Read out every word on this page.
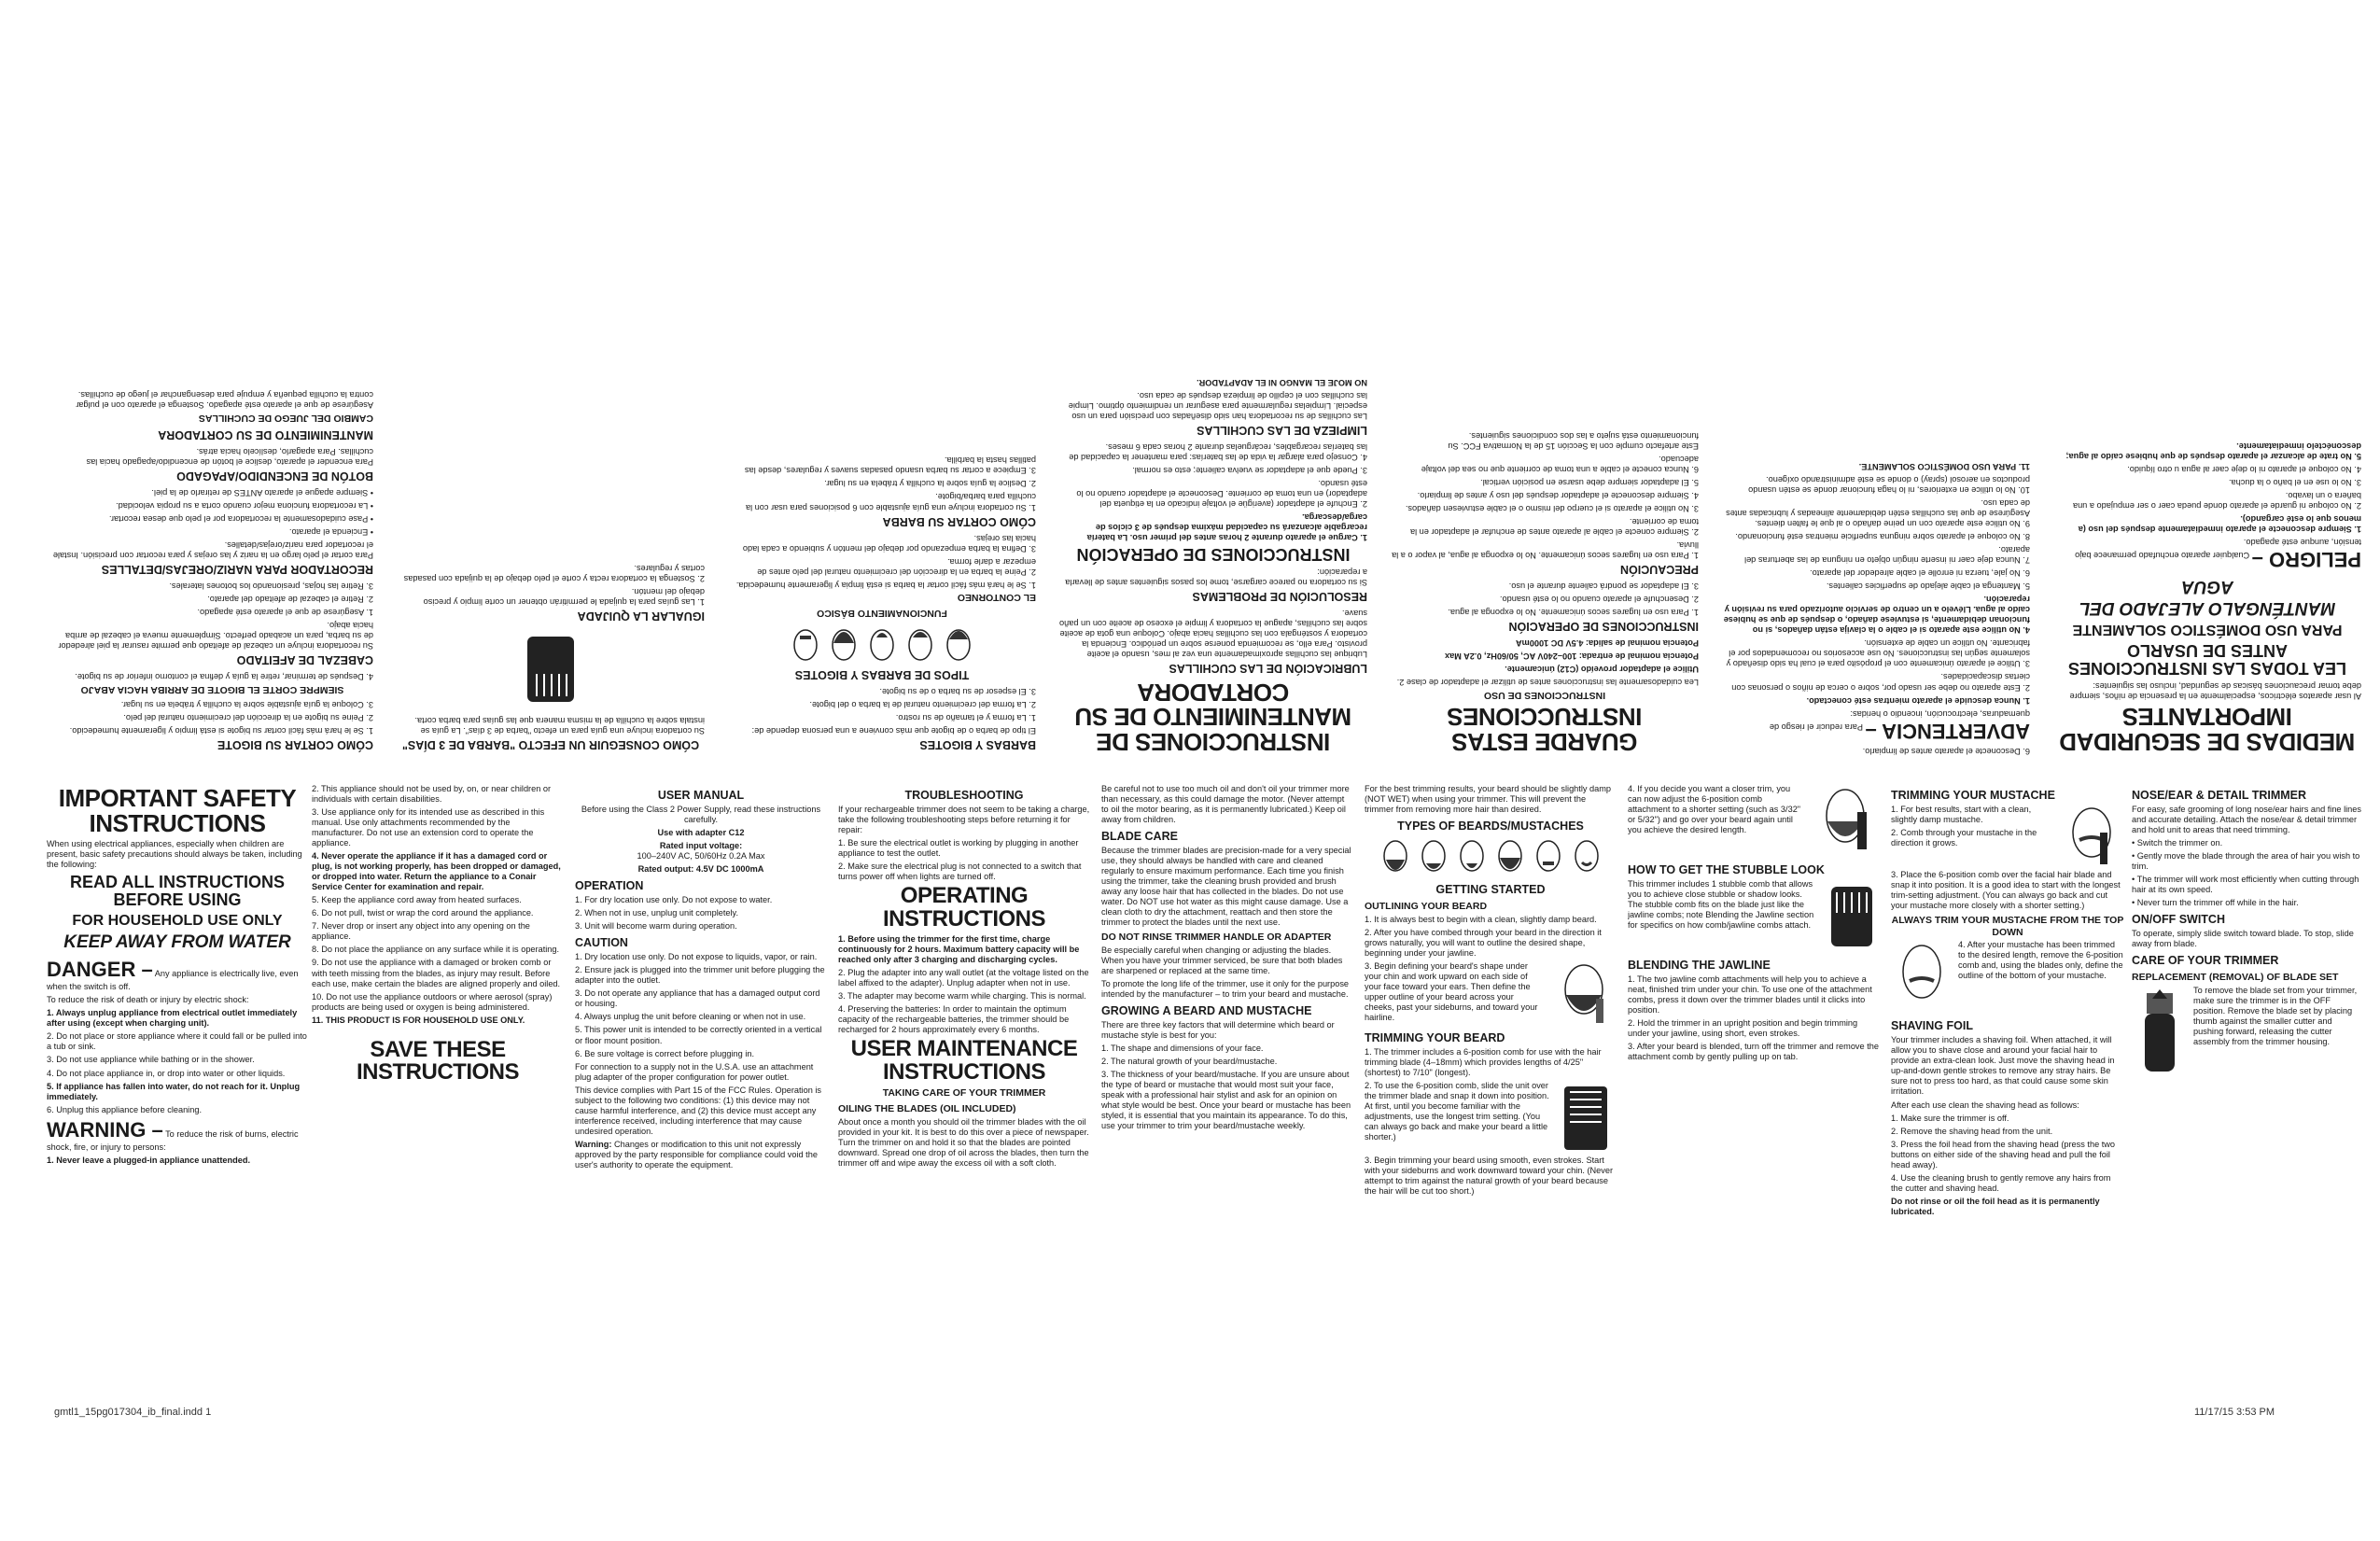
MEDIDAS DE SEGURIDAD IMPORTANTES

Al usar aparatos eléctricos, especialmente en la presencia de niños, siempre debe tomar precauciones básicas de seguridad, incluso las siguientes:

LEA TODAS LAS INSTRUCCIONES ANTES DE USARLO
PARA USO DOMÉSTICO SOLAMENTE
MANTÉNGALO ALEJADO DEL AGUA

PELIGRO – Cualquier aparato enchufado permanece bajo tensión, aunque esté apagado.

1. Siempre desconecte el aparato inmediatamente después del uso (a menos que lo esté cargando).

2. No coloque ni guarde el aparato donde pueda caer o ser empujado a una bañera o un lavabo.

3. No lo use en el baño o la ducha.

4. No coloque el aparato ni lo deje caer al agua u otro líquido.

5. No trate de alcanzar el aparato después de que hubiese caído al agua; desconéctelo inmediatamente.

6. Desconecte el aparato antes de limpiarlo.

ADVERTENCIA – Para reducir el riesgo de quemaduras, electrocución, incendio o heridas:

1. Nunca descuide el aparato mientras esté conectado.

2. Este aparato no debe ser usado por, sobre o cerca de niños o personas con ciertas discapacidades.

3. Utilice el aparato únicamente con el propósito para el cual ha sido diseñado y solamente según las instrucciones. No use accesorios no recomendados por el fabricante. No utilice un cable de extensión.

4. No utilice este aparato si el cable o la clavija están dañados, si no funcionan debidamente, si estuviese dañado, o después de que se hubiese caído al agua. Llévelo a un centro de servicio autorizado para su revisión y reparación.

5. Mantenga el cable alejado de superficies calientes.

6. No jale, tuerza ni enrolle el cable alrededor del aparato.

7. Nunca deje caer ni inserte ningún objeto en ninguna de las aberturas del aparato.

8. No coloque el aparato sobre ninguna superficie mientras esté funcionando.

9. No utilice este aparato con un peine dañado o al que le falten dientes. Asegúrese de que las cuchillas estén debidamente alineadas y lubricadas antes de cada uso.

10. No lo utilice en exteriores, ni lo haga funcionar donde se estén usando productos en aerosol (spray) o donde se esté administrando oxígeno.

11. PARA USO DOMÉSTICO SOLAMENTE.

GUARDE ESTAS INSTRUCCIONES
INSTRUCCIONES DE USO

Lea cuidadosamente las instrucciones antes de utilizar el adaptador de clase 2.

Utilice el adaptador proveído (C12) únicamente.

Potencia nominal de entrada: 100–240V AC, 50/60Hz, 0.2A Max

Potencia nominal de salida: 4.5V DC 1000mA

INSTRUCCIONES DE OPERACIÓN

1. Para uso en lugares secos únicamente. No lo exponga al agua.

2. Desenchufe el aparato cuando no lo esté usando.

3. El adaptador se pondrá caliente durante el uso.

PRECAUCIÓN

1. Para uso en lugares secos únicamente. No lo exponga al agua, al vapor o a la lluvia.

2. Siempre conecte el cable al aparato antes de enchufar el adaptador en la toma de corriente.

3. No utilice el aparato si el cuerpo del mismo o el cable estuviesen dañados.

4. Siempre desconecte el adaptador después del uso y antes de limpiarlo.

5. El adaptador siempre debe usarse en posición vertical.

6. Nunca conecte el cable a una toma de corriente que no sea del voltaje adecuado.

Este artefacto cumple con la Sección 15 de la Normativa FCC. Su funcionamiento está sujeto a las dos condiciones siguientes.

INSTRUCCIONES DE MANTENIMIENTO DE SU CORTADORA
LUBRICACIÓN DE LAS CUCHILLAS

Lubrique las cuchillas aproximadamente una vez al mes, usando el aceite provisto. Para ello, se recomienda ponerse sobre un periódico. Encienda la cortadora y sosténgala con las cuchillas hacia abajo. Coloque una gota de aceite sobre las cuchillas, apague la cortadora y limpie el exceso de aceite con un paño suave.

RESOLUCIÓN DE PROBLEMAS

Si su cortadora no parece cargarse, tome los pasos siguientes antes de llevarla a reparación:

INSTRUCCIONES DE OPERACIÓN

1. Cargue el aparato durante 2 horas antes del primer uso. La batería recargable alcanzará su capacidad máxima después de 3 ciclos de carga/descarga.

2. Enchufe el adaptador (averigüe el voltaje indicado en la etiqueta del adaptador) en una toma de corriente. Desconecte el adaptador cuando no lo esté usando.

3. Puede que el adaptador se vuelva caliente; esto es normal.

4. Consejo para alargar la vida de las baterías: para mantener la capacidad de las baterías recargables, recárguelas durante 2 horas cada 6 meses.

LIMPIEZA DE LAS CUCHILLAS

Las cuchillas de su recortadora han sido diseñadas con precisión para un uso especial. Límpielas regularmente para asegurar un rendimiento óptimo. Limpie las cuchillas con el cepillo de limpieza después de cada uso.

NO MOJE EL MANGO NI EL ADAPTADOR.

BARBAS Y BIGOTES

El tipo de barba o de bigote que más conviene a una persona depende de:

1. La forma y el tamaño de su rostro.

2. La forma del crecimiento natural de la barba o del bigote.

3. El espesor de su barba o de su bigote.

TIPOS DE BARBAS Y BIGOTES
FUNCIONAMIENTO BÁSICO
EL CONTORNEO

1. Se le hará más fácil cortar la barba si está limpia y ligeramente humedecida.

2. Peine la barba en la dirección del crecimiento natural del pelo antes de empezar a darle forma.

3. Defina la barba empezando por debajo del mentón y subiendo a cada lado hacia las orejas.

CÓMO CORTAR SU BARBA

1. Su cortadora incluye una guía ajustable con 6 posiciones para usar con la cuchilla para barba/bigote.

2. Deslice la guía sobre la cuchilla y trábela en su lugar.

3. Empiece a cortar su barba usando pasadas suaves y regulares, desde las patillas hasta la barbilla.

CÓMO CONSEGUIR UN EFECTO "BARBA DE 3 DÍAS"

Su cortadora incluye una guía para un efecto "barba de 3 días". La guía se instala sobre la cuchilla de la misma manera que las guías para barba corta.

IGUALAR LA QUIJADA

1. Las guías para la quijada le permitirán obtener un corte limpio y preciso debajo del mentón.

2. Sostenga la cortadora recta y corte el pelo debajo de la quijada con pasadas cortas y regulares.

CÓMO CORTAR SU BIGOTE

1. Se le hará más fácil cortar su bigote si está limpio y ligeramente humedecido.

2. Peine su bigote en la dirección del crecimiento natural del pelo.

3. Coloque la guía ajustable sobre la cuchilla y trábela en su lugar.

SIEMPRE CORTE EL BIGOTE DE ARRIBA HACIA ABAJO

4. Después de terminar, retire la guía y defina el contorno inferior de su bigote.

CABEZAL DE AFEITADO

Su recortadora incluye un cabezal de afeitado que permite rasurar la piel alrededor de su barba, para un acabado perfecto. Simplemente mueva el cabezal de arriba hacia abajo.

1. Asegúrese de que el aparato esté apagado.

2. Retire el cabezal de afeitado del aparato.

3. Retire las hojas, presionando los botones laterales.

RECORTADOR PARA NARIZ/OREJAS/DETALLES

Para cortar el pelo largo en la nariz y las orejas y para recortar con precisión. Instale el recortador para nariz/orejas/detalles.

• Encienda el aparato.

• Pase cuidadosamente la recortadora por el pelo que desea recortar.

• La recortadora funciona mejor cuando corta a su propia velocidad.

• Siempre apague el aparato ANTES de retirarlo de la piel.

BOTÓN DE ENCENDIDO/APAGADO

Para encender el aparato, deslice el botón de encendido/apagado hacia las cuchillas. Para apagarlo, deslícelo hacia atrás.

MANTENIMIENTO DE SU CORTADORA
CAMBIO DEL JUEGO DE CUCHILLAS

Asegúrese de que el aparato esté apagado. Sostenga el aparato con el pulgar contra la cuchilla pequeña y empuje para desenganchar el juego de cuchillas.

IMPORTANT SAFETY INSTRUCTIONS

When using electrical appliances, especially when children are present, basic safety precautions should always be taken, including the following:

READ ALL INSTRUCTIONS BEFORE USING
FOR HOUSEHOLD USE ONLY
KEEP AWAY FROM WATER

DANGER – Any appliance is electrically live, even when the switch is off.

To reduce the risk of death or injury by electric shock:

1. Always unplug appliance from electrical outlet immediately after using (except when charging unit).

2. Do not place or store appliance where it could fall or be pulled into a tub or sink.

3. Do not use appliance while bathing or in the shower.

4. Do not place appliance in, or drop into water or other liquids.

5. If appliance has fallen into water, do not reach for it. Unplug immediately.

6. Unplug this appliance before cleaning.

WARNING – To reduce the risk of burns, electric shock, fire, or injury to persons:

1. Never leave a plugged-in appliance unattended.

2. This appliance should not be used by, on, or near children or individuals with certain disabilities.

3. Use appliance only for its intended use as described in this manual. Use only attachments recommended by the manufacturer. Do not use an extension cord to operate the appliance.

4. Never operate the appliance if it has a damaged cord or plug, is not working properly, has been dropped or damaged, or dropped into water. Return the appliance to a Conair Service Center for examination and repair.

5. Keep the appliance cord away from heated surfaces.

6. Do not pull, twist or wrap the cord around the appliance.

7. Never drop or insert any object into any opening on the appliance.

8. Do not place the appliance on any surface while it is operating.

9. Do not use the appliance with a damaged or broken comb or with teeth missing from the blades, as injury may result. Before each use, make certain the blades are aligned properly and oiled.

10. Do not use the appliance outdoors or where aerosol (spray) products are being used or oxygen is being administered.

11. THIS PRODUCT IS FOR HOUSEHOLD USE ONLY.

SAVE THESE INSTRUCTIONS
USER MANUAL

Before using the Class 2 Power Supply, read these instructions carefully.

Use with adapter C12

Rated input voltage:

100–240V AC, 50/60Hz 0.2A Max

Rated output: 4.5V DC 1000mA

OPERATION

1. For dry location use only. Do not expose to water.

2. When not in use, unplug unit completely.

3. Unit will become warm during operation.

CAUTION

1. Dry location use only. Do not expose to liquids, vapor, or rain.

2. Ensure jack is plugged into the trimmer unit before plugging the adapter into the outlet.

3. Do not operate any appliance that has a damaged output cord or housing.

4. Always unplug the unit before cleaning or when not in use.

5. This power unit is intended to be correctly oriented in a vertical or floor mount position.

6. Be sure voltage is correct before plugging in.

For connection to a supply not in the U.S.A. use an attachment plug adapter of the proper configuration for power outlet.

This device complies with Part 15 of the FCC Rules. Operation is subject to the following two conditions: (1) this device may not cause harmful interference, and (2) this device must accept any interference received, including interference that may cause undesired operation.

Warning: Changes or modification to this unit not expressly approved by the party responsible for compliance could void the user's authority to operate the equipment.

TROUBLESHOOTING

If your rechargeable trimmer does not seem to be taking a charge, take the following troubleshooting steps before returning it for repair:

1. Be sure the electrical outlet is working by plugging in another appliance to test the outlet.

2. Make sure the electrical plug is not connected to a switch that turns power off when lights are turned off.

OPERATING INSTRUCTIONS

1. Before using the trimmer for the first time, charge continuously for 2 hours. Maximum battery capacity will be reached only after 3 charging and discharging cycles.

2. Plug the adapter into any wall outlet (at the voltage listed on the label affixed to the adapter). Unplug adapter when not in use.

3. The adapter may become warm while charging. This is normal.

4. Preserving the batteries: In order to maintain the optimum capacity of the rechargeable batteries, the trimmer should be recharged for 2 hours approximately every 6 months.

USER MAINTENANCE INSTRUCTIONS
TAKING CARE OF YOUR TRIMMER
OILING THE BLADES (OIL INCLUDED)

About once a month you should oil the trimmer blades with the oil provided in your kit. It is best to do this over a piece of newspaper. Turn the trimmer on and hold it so that the blades are pointed downward. Spread one drop of oil across the blades, then turn the trimmer off and wipe away the excess oil with a soft cloth.

Be careful not to use too much oil and don't oil your trimmer more than necessary, as this could damage the motor. (Never attempt to oil the motor bearing, as it is permanently lubricated.) Keep oil away from children.

BLADE CARE

Because the trimmer blades are precision-made for a very special use, they should always be handled with care and cleaned regularly to ensure maximum performance. Each time you finish using the trimmer, take the cleaning brush provided and brush away any loose hair that has collected in the blades. Do not use water. Do NOT use hot water as this might cause damage. Use a clean cloth to dry the attachment, reattach and then store the trimmer to protect the blades until the next use.

DO NOT RINSE TRIMMER HANDLE OR ADAPTER

Be especially careful when changing or adjusting the blades. When you have your trimmer serviced, be sure that both blades are sharpened or replaced at the same time.

To promote the long life of the trimmer, use it only for the purpose intended by the manufacturer – to trim your beard and mustache.

GROWING A BEARD AND MUSTACHE

There are three key factors that will determine which beard or mustache style is best for you:

1. The shape and dimensions of your face.

2. The natural growth of your beard/mustache.

3. The thickness of your beard/mustache. If you are unsure about the type of beard or mustache that would most suit your face, speak with a professional hair stylist and ask for an opinion on what style would be best. Once your beard or mustache has been styled, it is essential that you maintain its appearance. To do this, use your trimmer to trim your beard/mustache weekly.

For the best trimming results, your beard should be slightly damp (NOT WET) when using your trimmer. This will prevent the trimmer from removing more hair than desired.

TYPES OF BEARDS/MUSTACHES
GETTING STARTED
OUTLINING YOUR BEARD

1. It is always best to begin with a clean, slightly damp beard.

2. After you have combed through your beard in the direction it grows naturally, you will want to outline the desired shape, beginning under your jawline.

3. Begin defining your beard's shape under your chin and work upward on each side of your face toward your ears. Then define the upper outline of your beard across your cheeks, past your sideburns, and toward your hairline.

TRIMMING YOUR BEARD

1. The trimmer includes a 6-position comb for use with the hair trimming blade (4–18mm) which provides lengths of 4/25" (shortest) to 7/10" (longest).

2. To use the 6-position comb, slide the unit over the trimmer blade and snap it down into position. At first, until you become familiar with the adjustments, use the longest trim setting. (You can always go back and make your beard a little shorter.)

3. Begin trimming your beard using smooth, even strokes. Start with your sideburns and work downward toward your chin. (Never attempt to trim against the natural growth of your beard because the hair will be cut too short.)

4. If you decide you want a closer trim, you can now adjust the 6-position comb attachment to a shorter setting (such as 3/32" or 5/32") and go over your beard again until you achieve the desired length.

HOW TO GET THE STUBBLE LOOK

This trimmer includes 1 stubble comb that allows you to achieve close stubble or shadow looks. The stubble comb fits on the blade just like the jawline combs; note Blending the Jawline section for specifics on how comb/jawline combs attach.

BLENDING THE JAWLINE

1. The two jawline comb attachments will help you to achieve a neat, finished trim under your chin. To use one of the attachment combs, press it down over the trimmer blades until it clicks into position.

2. Hold the trimmer in an upright position and begin trimming under your jawline, using short, even strokes.

3. After your beard is blended, turn off the trimmer and remove the attachment comb by gently pulling up on tab.

TRIMMING YOUR MUSTACHE

1. For best results, start with a clean, slightly damp mustache.

2. Comb through your mustache in the direction it grows.

3. Place the 6-position comb over the facial hair blade and snap it into position. It is a good idea to start with the longest trim-setting adjustment. (You can always go back and cut your mustache more closely with a shorter setting.)

ALWAYS TRIM YOUR MUSTACHE FROM THE TOP DOWN

4. After your mustache has been trimmed to the desired length, remove the 6-position comb and, using the blades only, define the outline of the bottom of your mustache.

SHAVING FOIL

Your trimmer includes a shaving foil. When attached, it will allow you to shave close and around your facial hair to provide an extra-clean look. Just move the shaving head in up-and-down gentle strokes to remove any stray hairs. Be sure not to press too hard, as that could cause some skin irritation.

After each use clean the shaving head as follows:

1. Make sure the trimmer is off.

2. Remove the shaving head from the unit.

3. Press the foil head from the shaving head (press the two buttons on either side of the shaving head and pull the foil head away).

4. Use the cleaning brush to gently remove any hairs from the cutter and shaving head.

Do not rinse or oil the foil head as it is permanently lubricated.

NOSE/EAR & DETAIL TRIMMER

For easy, safe grooming of long nose/ear hairs and fine lines and accurate detailing. Attach the nose/ear & detail trimmer and hold unit to areas that need trimming.

• Switch the trimmer on.

• Gently move the blade through the area of hair you wish to trim.

• The trimmer will work most efficiently when cutting through hair at its own speed.

• Never turn the trimmer off while in the hair.

ON/OFF SWITCH

To operate, simply slide switch toward blade. To stop, slide away from blade.

CARE OF YOUR TRIMMER
REPLACEMENT (REMOVAL) OF BLADE SET

To remove the blade set from your trimmer, make sure the trimmer is in the OFF position. Remove the blade set by placing thumb against the smaller cutter and pushing forward, releasing the cutter assembly from the trimmer housing.

gmtl1_15pg017304_ib_final.indd 1	11/17/15 3:53 PM
